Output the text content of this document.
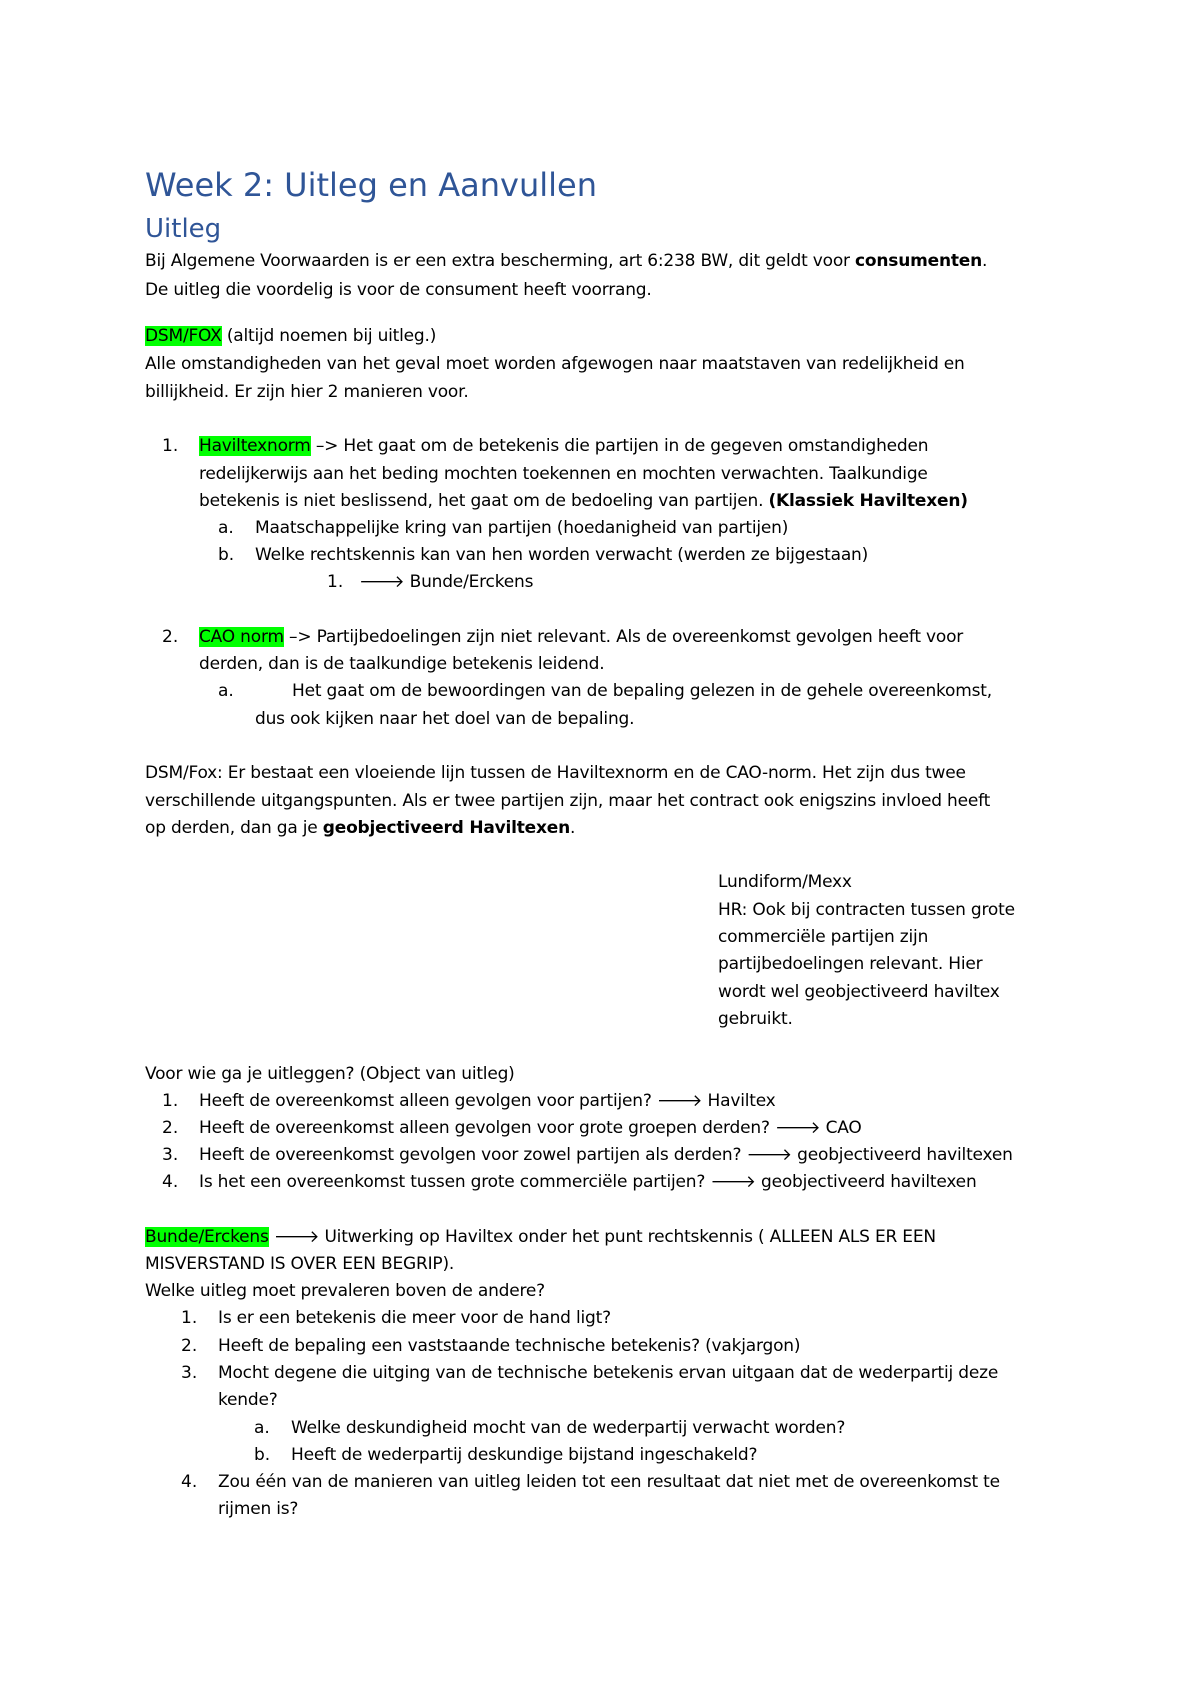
Week 2: Uitleg en Aanvullen
Uitleg
Bij Algemene Voorwaarden is er een extra bescherming, art 6:238 BW, dit geldt voor consumenten.
De uitleg die voordelig is voor de consument heeft voorrang.
DSM/FOX (altijd noemen bij uitleg.)
Alle omstandigheden van het geval moet worden afgewogen naar maatstaven van redelijkheid en
billijkheid. Er zijn hier 2 manieren voor.
1. Haviltexnorm –> Het gaat om de betekenis die partijen in de gegeven omstandigheden
redelijkerwijs aan het beding mochten toekennen en mochten verwachten. Taalkundige
betekenis is niet beslissend, het gaat om de bedoeling van partijen. (Klassiek Haviltexen)
a. Maatschappelijke kring van partijen (hoedanigheid van partijen)
b. Welke rechtskennis kan van hen worden verwacht (werden ze bijgestaan)
1. 🡒 Bunde/Erckens
2. CAO norm –> Partijbedoelingen zijn niet relevant. Als de overeenkomst gevolgen heeft voor
derden, dan is de taalkundige betekenis leidend.
a.	Het gaat om de bewoordingen van de bepaling gelezen in de gehele overeenkomst,
dus ook kijken naar het doel van de bepaling.
DSM/Fox: Er bestaat een vloeiende lijn tussen de Haviltexnorm en de CAO-norm. Het zijn dus twee
verschillende uitgangspunten. Als er twee partijen zijn, maar het contract ook enigszins invloed heeft
op derden, dan ga je geobjectiveerd Haviltexen.
Lundiform/Mexx
HR: Ook bij contracten tussen grote
commerciële partijen zijn
partijbedoelingen relevant. Hier
wordt wel geobjectiveerd haviltex
gebruikt.
Voor wie ga je uitleggen? (Object van uitleg)
1. Heeft de overeenkomst alleen gevolgen voor partijen? 🡒 Haviltex
2. Heeft de overeenkomst alleen gevolgen voor grote groepen derden? 🡒 CAO
3. Heeft de overeenkomst gevolgen voor zowel partijen als derden? 🡒 geobjectiveerd haviltexen
4. Is het een overeenkomst tussen grote commerciële partijen? 🡒 geobjectiveerd haviltexen
Bunde/Erckens 🡒 Uitwerking op Haviltex onder het punt rechtskennis ( ALLEEN ALS ER EEN
MISVERSTAND IS OVER EEN BEGRIP).
Welke uitleg moet prevaleren boven de andere?
1. Is er een betekenis die meer voor de hand ligt?
2. Heeft de bepaling een vaststaande technische betekenis? (vakjargon)
3. Mocht degene die uitging van de technische betekenis ervan uitgaan dat de wederpartij deze
kende?
a. Welke deskundigheid mocht van de wederpartij verwacht worden?
b. Heeft de wederpartij deskundige bijstand ingeschakeld?
4. Zou één van de manieren van uitleg leiden tot een resultaat dat niet met de overeenkomst te
rijmen is?
